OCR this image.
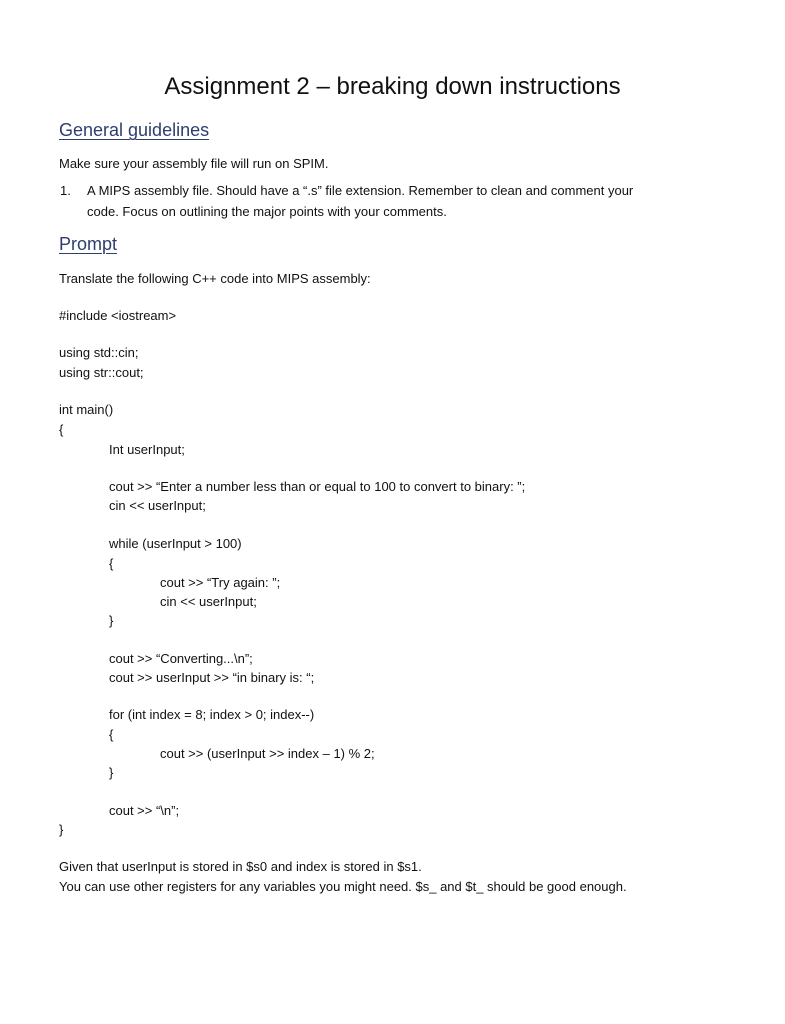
Assignment 2 – breaking down instructions
General guidelines
Make sure your assembly file will run on SPIM.
1. A MIPS assembly file. Should have a “.s” file extension. Remember to clean and comment your
code. Focus on outlining the major points with your comments.
Prompt
Translate the following C++ code into MIPS assembly:
#include <iostream>
using std::cin;
using str::cout;
int main()
{
Int userInput;
cout >> “Enter a number less than or equal to 100 to convert to binary: ”;
cin << userInput;
while (userInput > 100)
{
cout >> “Try again: ”;
cin << userInput;
}
cout >> “Converting...\n”;
cout >> userInput >> “in binary is: “;
for (int index = 8; index > 0; index--)
{
cout >> (userInput >> index – 1) % 2;
}
cout >> “\n”;
}
Given that userInput is stored in $s0 and index is stored in $s1.
You can use other registers for any variables you might need. $s_ and $t_ should be good enough.
